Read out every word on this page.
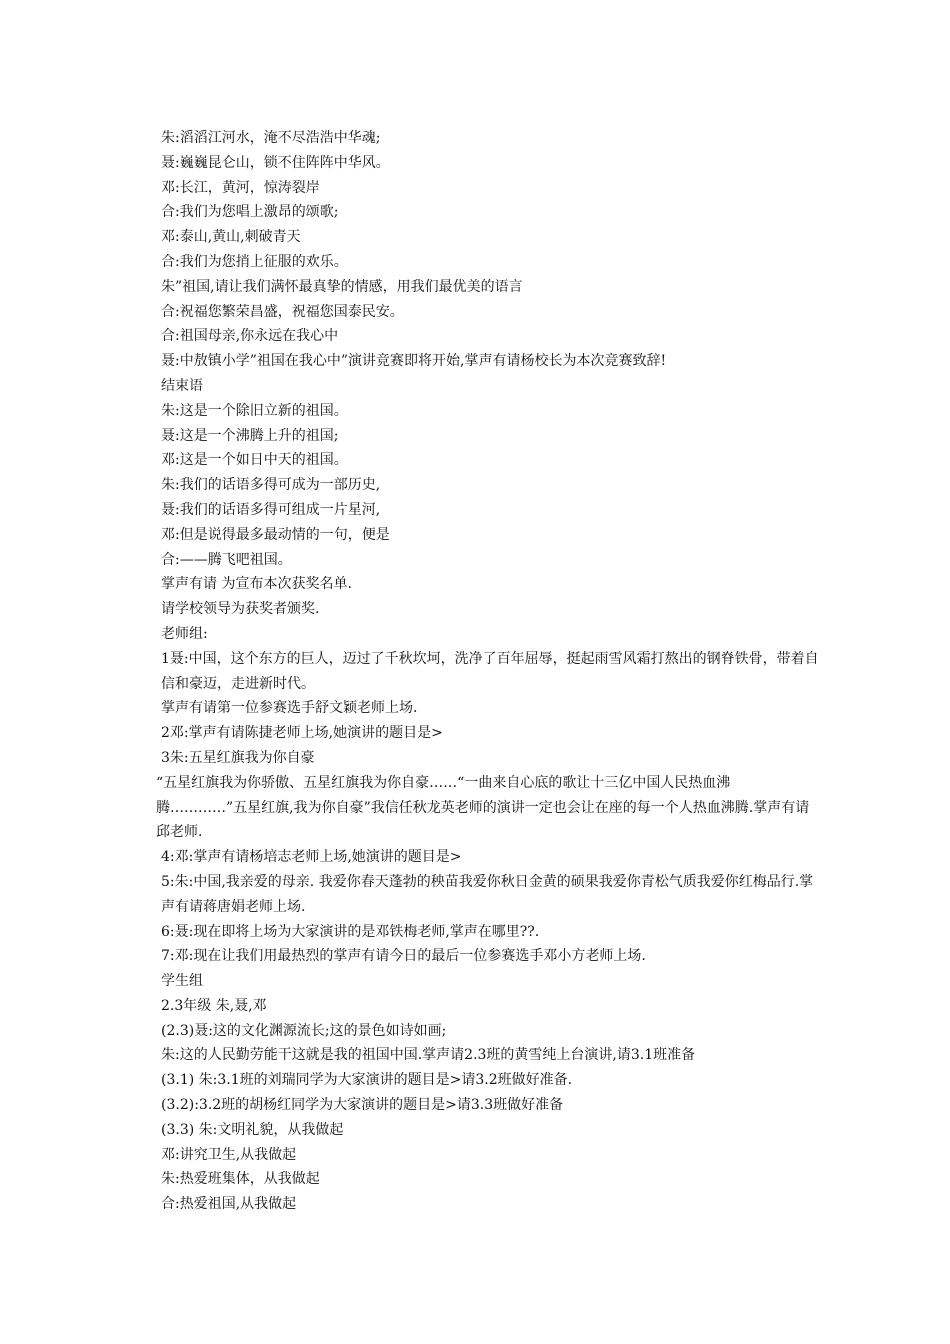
朱:滔滔江河水，淹不尽浩浩中华魂;

聂:巍巍昆仑山，锁不住阵阵中华风。

邓:长江，黄河，惊涛裂岸

合:我们为您唱上激昂的颂歌;

邓:泰山,黄山,刺破青天

合:我们为您捎上征服的欢乐。

朱”祖国,请让我们满怀最真挚的情感，用我们最优美的语言

合:祝福您繁荣昌盛，祝福您国泰民安。

合:祖国母亲,你永远在我心中

聂:中敖镇小学”祖国在我心中”演讲竞赛即将开始,掌声有请杨校长为本次竞赛致辞!

结束语

朱:这是一个除旧立新的祖国。

聂:这是一个沸腾上升的祖国;

邓:这是一个如日中天的祖国。

朱:我们的话语多得可成为一部历史,

聂:我们的话语多得可组成一片星河,

邓:但是说得最多最动情的一句，便是

合:——腾飞吧祖国。

掌声有请 为宣布本次获奖名单.

请学校领导为获奖者颁奖.

老师组:

1聂:中国，这个东方的巨人，迈过了千秋坎坷，洗净了百年屈辱，挺起雨雪风霜打熬出的钢脊铁骨，带着自信和豪迈，走进新时代。

掌声有请第一位参赛选手舒文颖老师上场.

2邓:掌声有请陈捷老师上场,她演讲的题目是>

3朱:五星红旗我为你自豪

“五星红旗我为你骄傲、五星红旗我为你自豪……“一曲来自心底的歌让十三亿中国人民热血沸腾…………”五星红旗,我为你自豪”我信任秋龙英老师的演讲一定也会让在座的每一个人热血沸腾.掌声有请邱老师.

4:邓:掌声有请杨培志老师上场,她演讲的题目是>

5:朱:中国,我亲爱的母亲. 我爱你春天蓬勃的秧苗我爱你秋日金黄的硕果我爱你青松气质我爱你红梅品行.掌声有请蒋唐娟老师上场.

6:聂:现在即将上场为大家演讲的是邓铁梅老师,掌声在哪里??.

7:邓:现在让我们用最热烈的掌声有请今日的最后一位参赛选手邓小方老师上场.

学生组

2.3年级 朱,聂,邓

(2.3)聂:这的文化渊源流长;这的景色如诗如画;

朱:这的人民勤劳能干这就是我的祖国中国.掌声请2.3班的黄雪纯上台演讲,请3.1班准备

(3.1) 朱:3.1班的刘瑞同学为大家演讲的题目是>请3.2班做好准备.

(3.2):3.2班的胡杨红同学为大家演讲的题目是>请3.3班做好准备

(3.3) 朱:文明礼貌，从我做起

邓:讲究卫生,从我做起

朱:热爱班集体，从我做起

合:热爱祖国,从我做起
